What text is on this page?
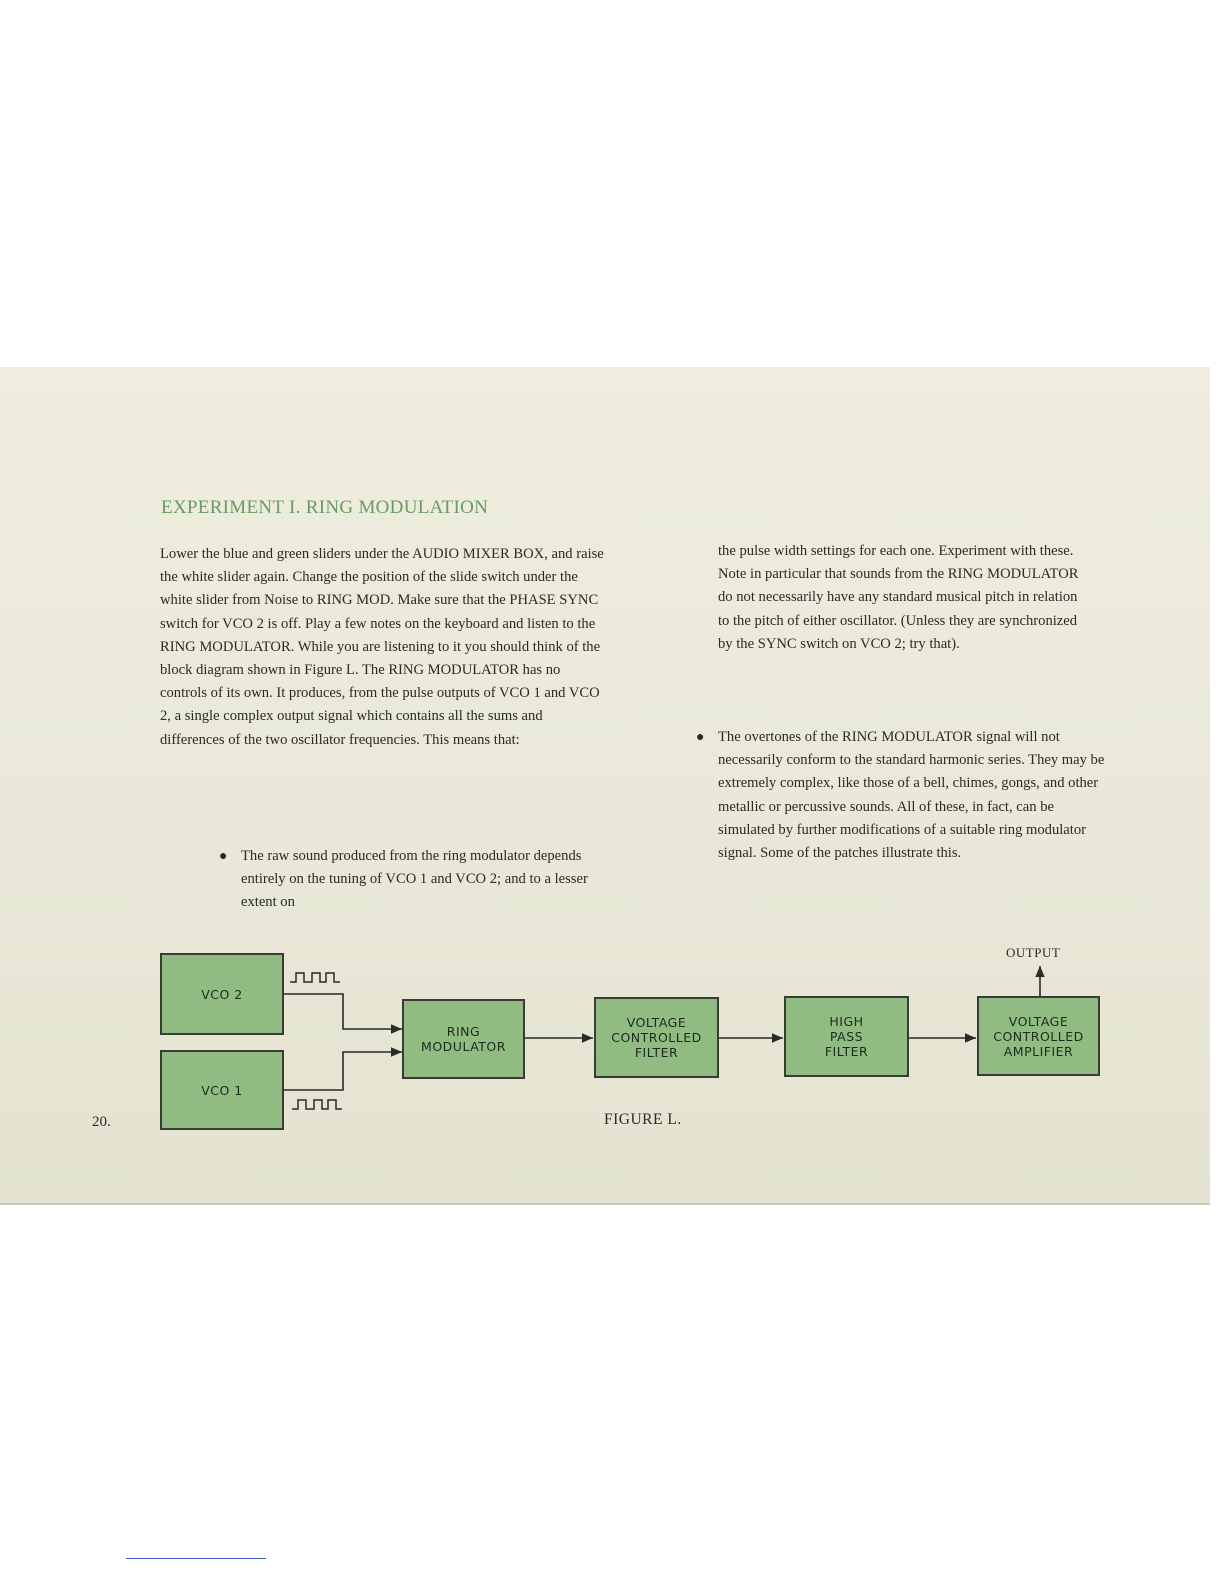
EXPERIMENT I. RING MODULATION

Lower the blue and green sliders under the AUDIO MIXER BOX, and raise the white slider again. Change the position of the slide switch under the white slider from Noise to RING MOD. Make sure that the PHASE SYNC switch for VCO 2 is off. Play a few notes on the keyboard and listen to the RING MODULATOR. While you are listening to it you should think of the block diagram shown in Figure L. The RING MODULATOR has no controls of its own. It produces, from the pulse outputs of VCO 1 and VCO 2, a single complex output signal which contains all the sums and differences of the two oscillator frequencies. This means that:

● The raw sound produced from the ring modulator depends entirely on the tuning of VCO 1 and VCO 2; and to a lesser extent on

the pulse width settings for each one. Experiment with these. Note in particular that sounds from the RING MODULATOR do not necessarily have any standard musical pitch in relation to the pitch of either oscillator. (Unless they are synchronized by the SYNC switch on VCO 2; try that).

● The overtones of the RING MODULATOR signal will not necessarily conform to the standard harmonic series. They may be extremely complex, like those of a bell, chimes, gongs, and other metallic or percussive sounds. All of these, in fact, can be simulated by further modifications of a suitable ring modulator signal. Some of the patches illustrate this.
VCO 2
VCO 1
RING
MODULATOR
VOLTAGE
CONTROLLED
FILTER
HIGH
PASS
FILTER
VOLTAGE
CONTROLLED
AMPLIFIER
OUTPUT
20.	FIGURE L.
